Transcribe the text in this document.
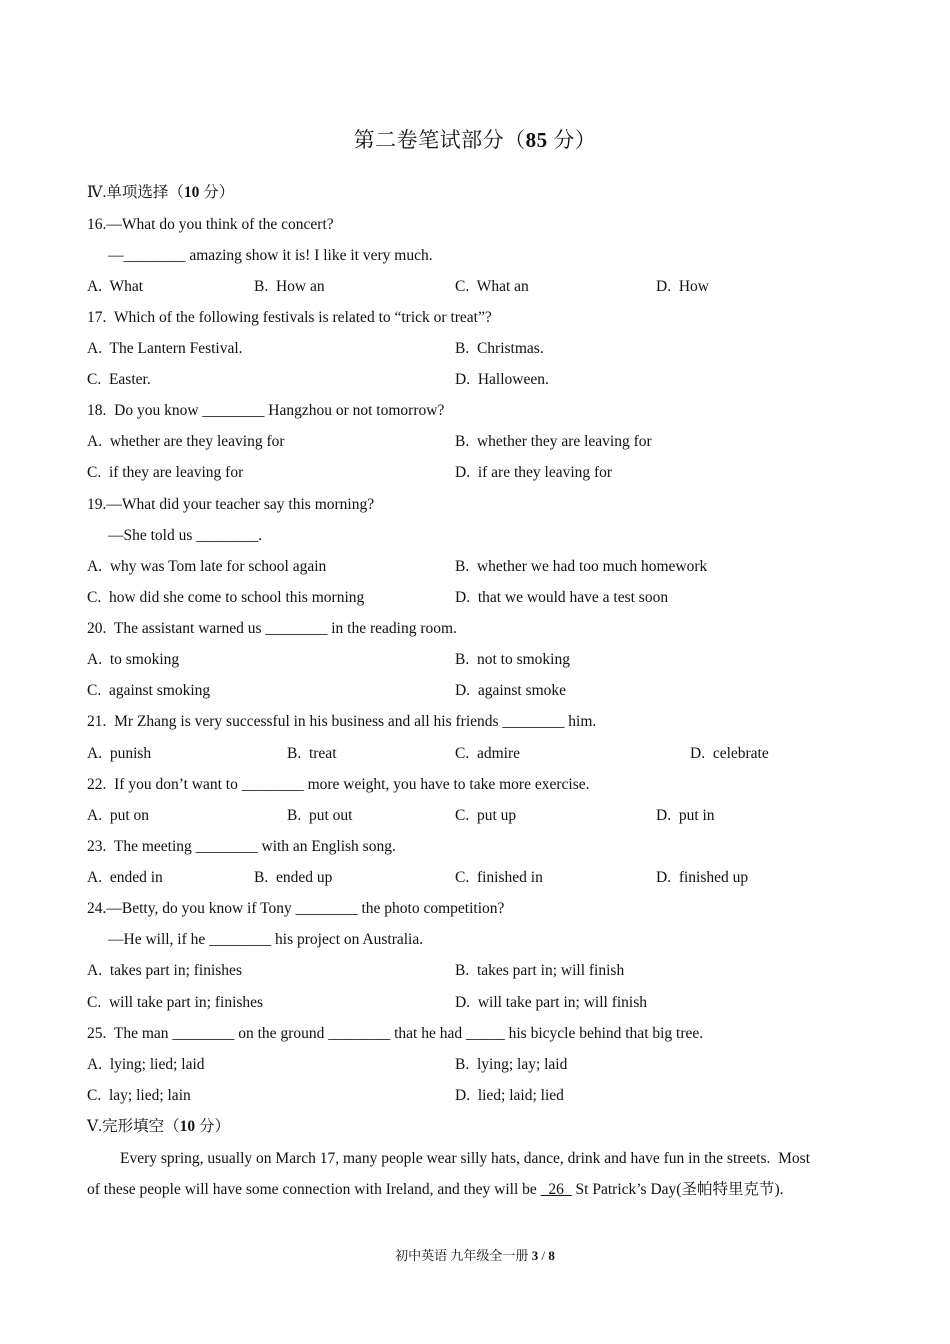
第二卷笔试部分（85 分）
Ⅳ.单项选择（10 分）
16.—What do you think of the concert?
—________ amazing show it is! I like it very much.
A.  What	B.  How an	C.  What an	D.  How
17.  Which of the following festivals is related to “trick or treat”?
A.  The Lantern Festival.	B.  Christmas.
C.  Easter.	D.  Halloween.
18.  Do you know ________ Hangzhou or not tomorrow?
A.  whether are they leaving for	B.  whether they are leaving for
C.  if they are leaving for	D.  if are they leaving for
19.—What did your teacher say this morning?
—She told us ________.
A.  why was Tom late for school again	B.  whether we had too much homework
C.  how did she come to school this morning	D.  that we would have a test soon
20.  The assistant warned us ________ in the reading room.
A.  to smoking	B.  not to smoking
C.  against smoking	D.  against smoke
21.  Mr Zhang is very successful in his business and all his friends ________ him.
A.  punish	B.  treat	C.  admire	D.  celebrate
22.  If you don’t want to ________ more weight, you have to take more exercise.
A.  put on	B.  put out	C.  put up	D.  put in
23.  The meeting ________ with an English song.
A.  ended in	B.  ended up	C.  finished in	D.  finished up
24.—Betty, do you know if Tony ________ the photo competition?
—He will, if he ________ his project on Australia.
A.  takes part in; finishes	B.  takes part in; will finish
C.  will take part in; finishes	D.  will take part in; will finish
25.  The man ________ on the ground ________ that he had _____ his bicycle behind that big tree.
A.  lying; lied; laid	B.  lying; lay; laid
C.  lay; lied; lain	D.  lied; laid; lied
Ⅴ.完形填空（10 分）
Every spring, usually on March 17, many people wear silly hats, dance, drink and have fun in the streets.  Most
of these people will have some connection with Ireland, and they will be   26   St Patrick’s Day(圣帕特里克节).
初中英语 九年级全一册 3 / 8
